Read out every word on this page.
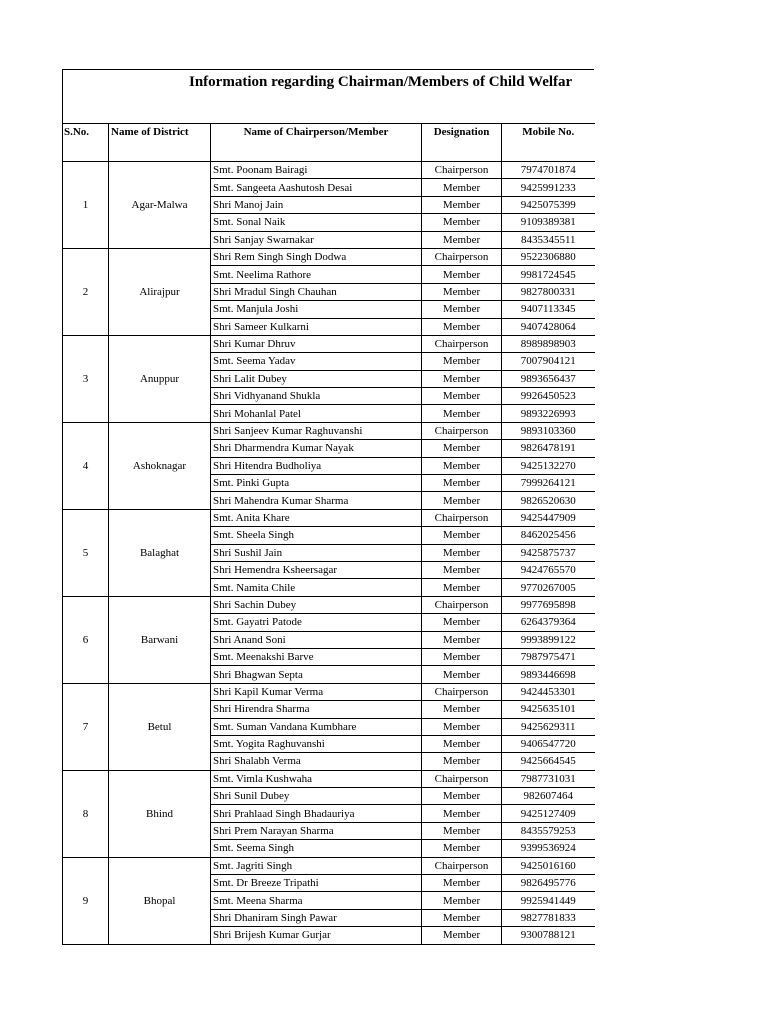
Information regarding Chairman/Members of Child Welfar
S.No.	Name of District	Name of Chairperson/Member	Designation	Mobile No.
1	Agar-Malwa	Smt. Poonam Bairagi	Chairperson	7974701874
		Smt. Sangeeta Aashutosh Desai	Member	9425991233
		Shri Manoj Jain	Member	9425075399
		Smt. Sonal Naik	Member	9109389381
		Shri Sanjay Swarnakar	Member	8435345511
2	Alirajpur	Shri Rem Singh Singh Dodwa	Chairperson	9522306880
		Smt. Neelima Rathore	Member	9981724545
		Shri Mradul Singh Chauhan	Member	9827800331
		Smt. Manjula Joshi	Member	9407113345
		Shri Sameer Kulkarni	Member	9407428064
3	Anuppur	Shri Kumar Dhruv	Chairperson	8989898903
		Smt. Seema Yadav	Member	7007904121
		Shri Lalit Dubey	Member	9893656437
		Shri Vidhyanand Shukla	Member	9926450523
		Shri Mohanlal Patel	Member	9893226993
4	Ashoknagar	Shri Sanjeev Kumar Raghuvanshi	Chairperson	9893103360
		Shri Dharmendra Kumar Nayak	Member	9826478191
		Shri Hitendra Budholiya	Member	9425132270
		Smt. Pinki Gupta	Member	7999264121
		Shri Mahendra Kumar Sharma	Member	9826520630
5	Balaghat	Smt. Anita Khare	Chairperson	9425447909
		Smt. Sheela Singh	Member	8462025456
		Shri Sushil Jain	Member	9425875737
		Shri Hemendra Ksheersagar	Member	9424765570
		Smt. Namita Chile	Member	9770267005
6	Barwani	Shri Sachin Dubey	Chairperson	9977695898
		Smt. Gayatri Patode	Member	6264379364
		Shri Anand Soni	Member	9993899122
		Smt. Meenakshi Barve	Member	7987975471
		Shri Bhagwan Septa	Member	9893446698
7	Betul	Shri Kapil Kumar Verma	Chairperson	9424453301
		Shri Hirendra Sharma	Member	9425635101
		Smt. Suman Vandana Kumbhare	Member	9425629311
		Smt. Yogita Raghuvanshi	Member	9406547720
		Shri Shalabh Verma	Member	9425664545
8	Bhind	Smt. Vimla Kushwaha	Chairperson	7987731031
		Shri Sunil Dubey	Member	982607464
		Shri Prahlaad Singh Bhadauriya	Member	9425127409
		Shri Prem Narayan Sharma	Member	8435579253
		Smt. Seema Singh	Member	9399536924
9	Bhopal	Smt. Jagriti Singh	Chairperson	9425016160
		Smt. Dr Breeze Tripathi	Member	9826495776
		Smt. Meena Sharma	Member	9925941449
		Shri Dhaniram Singh Pawar	Member	9827781833
		Shri Brijesh Kumar Gurjar	Member	9300788121
